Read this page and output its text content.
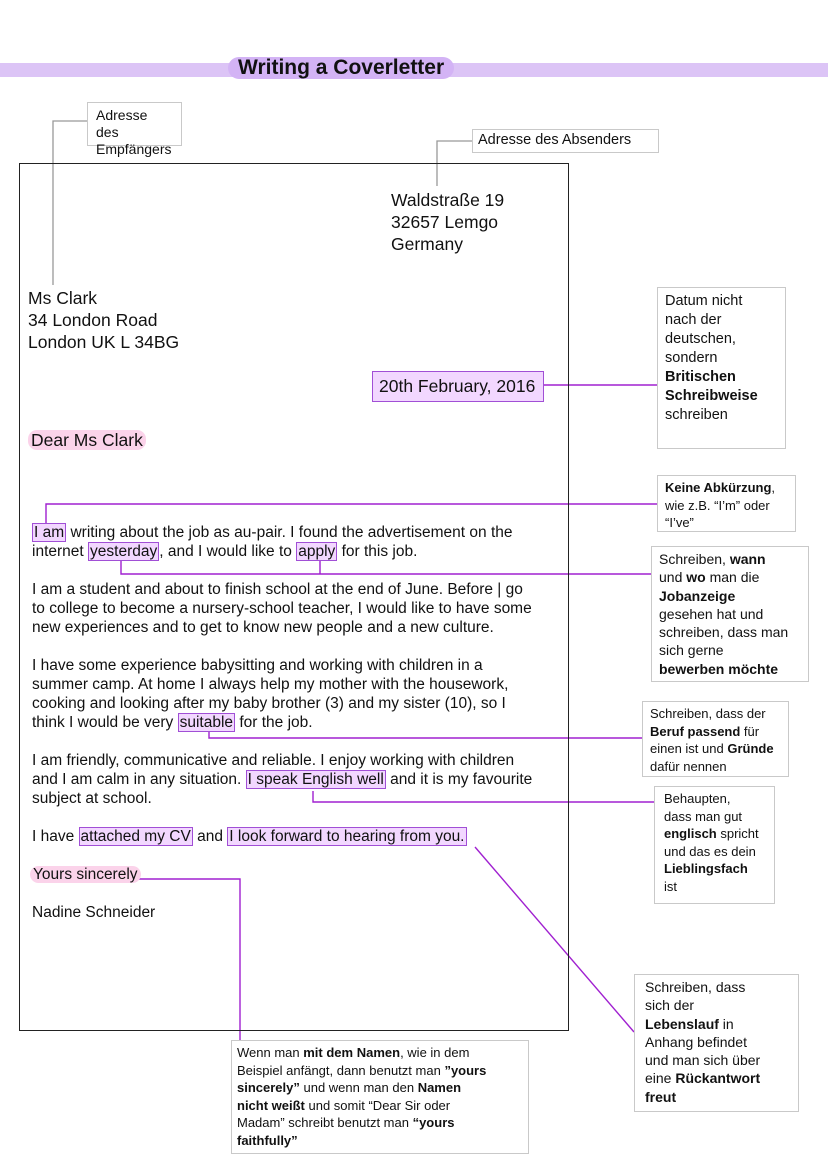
Writing a Coverletter
Waldstraße 19
32657 Lemgo
Germany
Ms Clark
34 London Road
London UK L 34BG
20th February, 2016
Dear Ms Clark
I am writing about the job as au-pair. I found the advertisement on the
internet yesterday , and I would like to apply for this job.
I am a student and about to finish school at the end of June. Before | go
to college to become a nursery-school teacher, I would like to have some
new experiences and to get to know new people and a new culture.
I have some experience babysitting and working with children in a
summer camp. At home I always help my mother with the housework,
cooking and looking after my baby brother (3) and my sister (10), so I
think I would be very suitable for the job.
I am friendly, communicative and reliable. I enjoy working with children
and I am calm in any situation. I speak English well and it is my favourite
subject at school.
I have attached my CV and I look forward to hearing from you.
Yours sincerely
Nadine Schneider
Adresse des
Empfängers
Adresse des Absenders
Datum nicht
nach der
deutschen,
sondern
Britischen
Schreibweise
schreiben
Keine Abkürzung,
wie z.B. “I’m” oder
“I’ve”
Schreiben, wann
und wo man die
Jobanzeige
gesehen hat und
schreiben, dass man
sich gerne
bewerben möchte
Schreiben, dass der
Beruf passend für
einen ist und Gründe
dafür nennen
Behaupten,
dass man gut
englisch spricht
und das es dein
Lieblingsfach
ist
Schreiben, dass
sich der
Lebenslauf in
Anhang befindet
und man sich über
eine Rückantwort
freut
Wenn man mit dem Namen, wie in dem
Beispiel anfängt, dann benutzt man ”yours
sincerely” und wenn man den Namen
nicht weißt und somit “Dear Sir oder
Madam” schreibt benutzt man “yours
faithfully”
